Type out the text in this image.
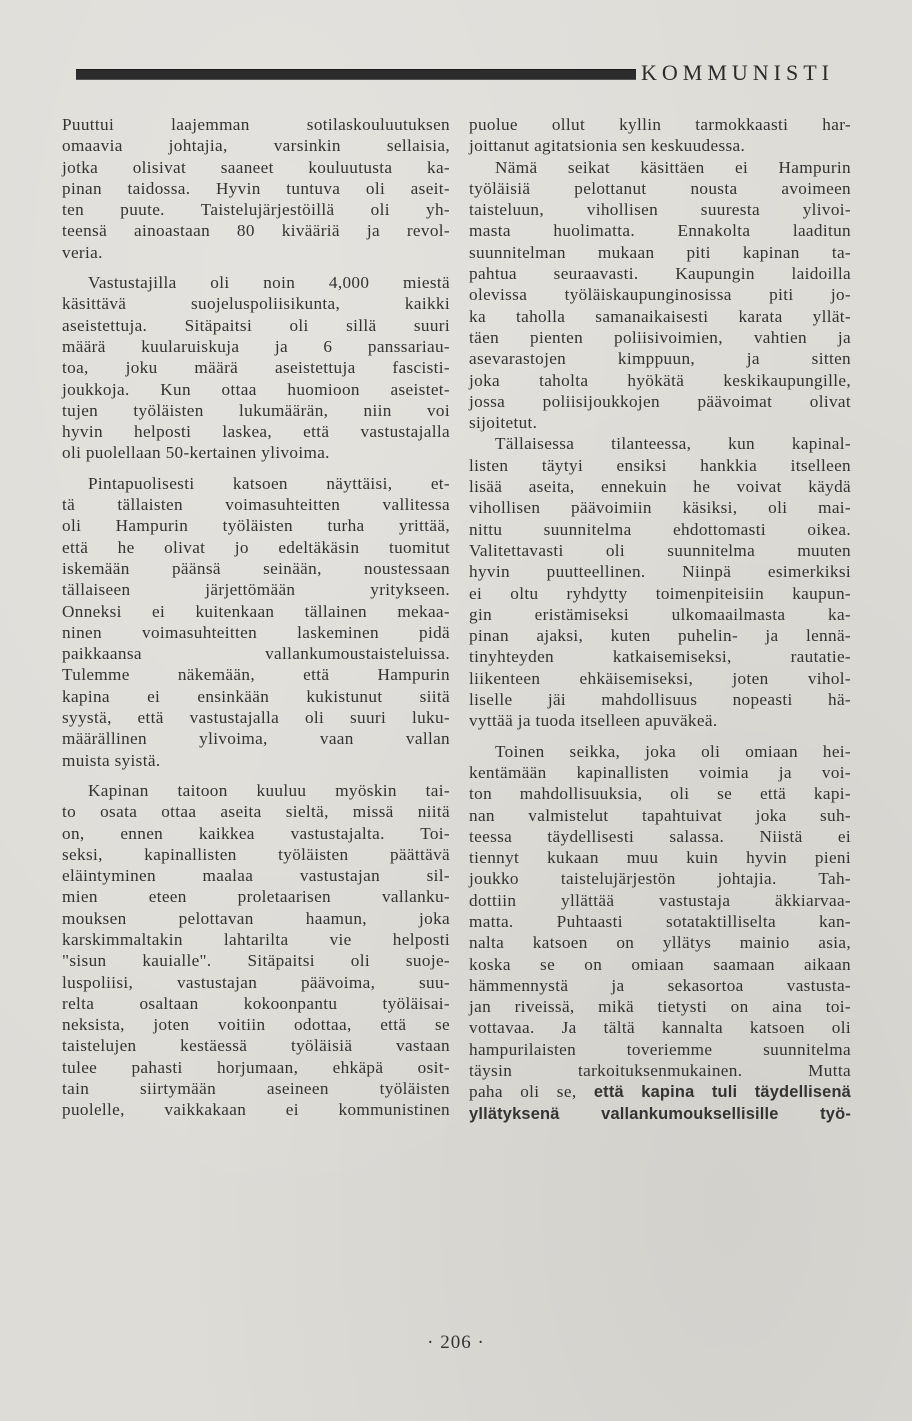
KOMMUNISTI
Puuttui laajemman sotilaskouluutuksen
omaavia johtajia, varsinkin sellaisia,
jotka olisivat saaneet kouluutusta ka-
pinan taidossa. Hyvin tuntuva oli aseit-
ten puute. Taistelujärjestöillä oli yh-
teensä ainoastaan 80 kivääriä ja revol-
veria.
Vastustajilla oli noin 4,000 miestä
käsittävä suojeluspoliisikunta, kaikki
aseistettuja. Sitäpaitsi oli sillä suuri
määrä kuularuiskuja ja 6 panssariau-
toa, joku määrä aseistettuja fascisti-
joukkoja. Kun ottaa huomioon aseistet-
tujen työläisten lukumäärän, niin voi
hyvin helposti laskea, että vastustajalla
oli puolellaan 50-kertainen ylivoima.
Pintapuolisesti katsoen näyttäisi, et-
tä tällaisten voimasuhteitten vallitessa
oli Hampurin työläisten turha yrittää,
että he olivat jo edeltäkäsin tuomitut
iskemään päänsä seinään, noustessaan
tällaiseen järjettömään yritykseen.
Onneksi ei kuitenkaan tällainen mekaa-
ninen voimasuhteitten laskeminen pidä
paikkaansa vallankumoustaisteluissa.
Tulemme näkemään, että Hampurin
kapina ei ensinkään kukistunut siitä
syystä, että vastustajalla oli suuri luku-
määrällinen ylivoima, vaan vallan
muista syistä.
Kapinan taitoon kuuluu myöskin tai-
to osata ottaa aseita sieltä, missä niitä
on, ennen kaikkea vastustajalta. Toi-
seksi, kapinallisten työläisten päättävä
eläintyminen maalaa vastustajan sil-
mien eteen proletaarisen vallanku-
mouksen pelottavan haamun, joka
karskimmaltakin lahtarilta vie helposti
"sisun kauialle". Sitäpaitsi oli suoje-
luspoliisi, vastustajan päävoima, suu-
relta osaltaan kokoonpantu työläisai-
neksista, joten voitiin odottaa, että se
taistelujen kestäessä työläisiä vastaan
tulee pahasti horjumaan, ehkäpä osit-
tain siirtymään aseineen työläisten
puolelle, vaikkakaan ei kommunistinen
puolue ollut kyllin tarmokkaasti har-
joittanut agitatsionia sen keskuudessa.
Nämä seikat käsittäen ei Hampurin
työläisiä pelottanut nousta avoimeen
taisteluun, vihollisen suuresta ylivoi-
masta huolimatta. Ennakolta laaditun
suunnitelman mukaan piti kapinan ta-
pahtua seuraavasti. Kaupungin laidoilla
olevissa työläiskaupunginosissa piti jo-
ka taholla samanaikaisesti karata yllät-
täen pienten poliisivoimien, vahtien ja
asevarastojen kimppuun, ja sitten
joka taholta hyökätä keskikaupungille,
jossa poliisijoukkojen päävoimat olivat
sijoitetut.
Tällaisessa tilanteessa, kun kapinal-
listen täytyi ensiksi hankkia itselleen
lisää aseita, ennekuin he voivat käydä
vihollisen päävoimiin käsiksi, oli mai-
nittu suunnitelma ehdottomasti oikea.
Valitettavasti oli suunnitelma muuten
hyvin puutteellinen. Niinpä esimerkiksi
ei oltu ryhdytty toimenpiteisiin kaupun-
gin eristämiseksi ulkomaailmasta ka-
pinan ajaksi, kuten puhelin- ja lennä-
tinyhteyden katkaisemiseksi, rautatie-
liikenteen ehkäisemiseksi, joten vihol-
liselle jäi mahdollisuus nopeasti hä-
vyttää ja tuoda itselleen apuväkeä.
Toinen seikka, joka oli omiaan hei-
kentämään kapinallisten voimia ja voi-
ton mahdollisuuksia, oli se että kapi-
nan valmistelut tapahtuivat joka suh-
teessa täydellisesti salassa. Niistä ei
tiennyt kukaan muu kuin hyvin pieni
joukko taistelujärjestön johtajia. Tah-
dottiin yllättää vastustaja äkkiarvaa-
matta. Puhtaasti sotataktilliselta kan-
nalta katsoen on yllätys mainio asia,
koska se on omiaan saamaan aikaan
hämmennystä ja sekasortoa vastusta-
jan riveissä, mikä tietysti on aina toi-
vottavaa. Ja tältä kannalta katsoen oli
hampurilaisten toveriemme suunnitelma
täysin tarkoituksenmukainen. Mutta
paha oli se, että kapina tuli täydellisenä
yllätyksenä vallankumouksellisille työ-
· 206 ·
